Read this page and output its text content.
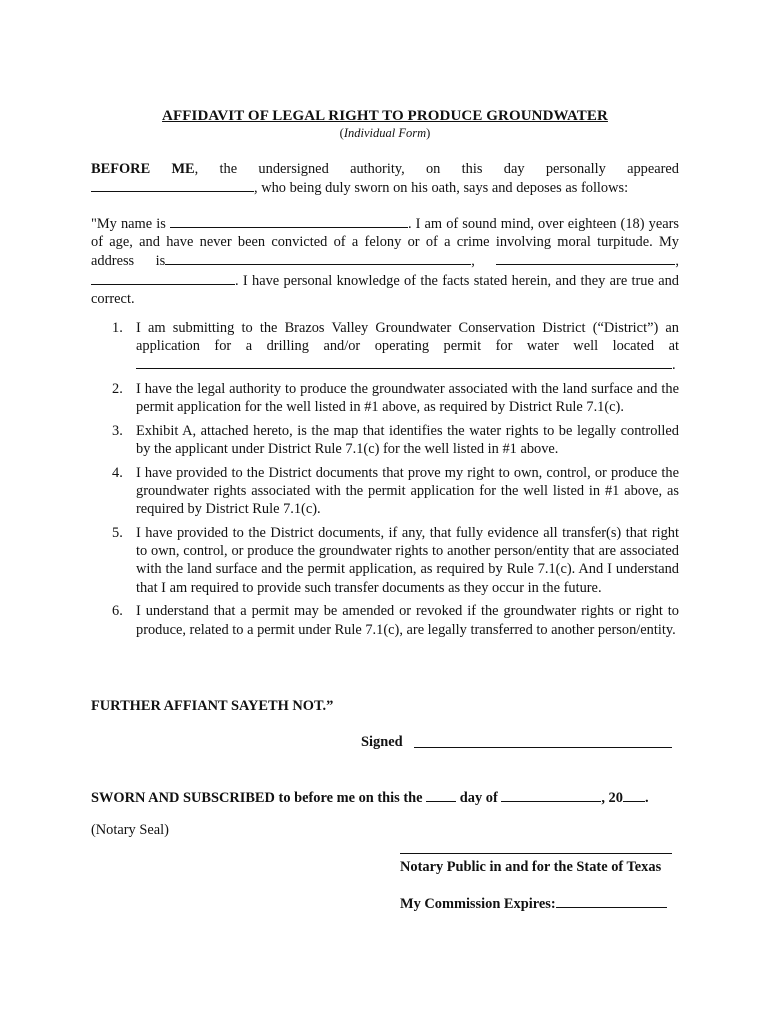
AFFIDAVIT OF LEGAL RIGHT TO PRODUCE GROUNDWATER
(Individual Form)
BEFORE ME, the undersigned authority, on this day personally appeared
, who being duly sworn on his oath, says and deposes as follows:
"My name is	. I am of sound mind, over eighteen (18) years of age, and have never been convicted of a felony or of a crime involving moral turpitude. My address is	,	, . I have personal knowledge of the facts stated herein, and they are true and correct.
1. I am submitting to the Brazos Valley Groundwater Conservation District (“District”) an application for a drilling and/or operating permit for water well located at .
2. I have the legal authority to produce the groundwater associated with the land surface and the permit application for the well listed in #1 above, as required by District Rule 7.1(c).
3. Exhibit A, attached hereto, is the map that identifies the water rights to be legally controlled by the applicant under District Rule 7.1(c) for the well listed in #1 above.
4. I have provided to the District documents that prove my right to own, control, or produce the groundwater rights associated with the permit application for the well listed in #1 above, as required by District Rule 7.1(c).
5. I have provided to the District documents, if any, that fully evidence all transfer(s) that right to own, control, or produce the groundwater rights to another person/entity that are associated with the land surface and the permit application, as required by Rule 7.1(c). And I understand that I am required to provide such transfer documents as they occur in the future.
6. I understand that a permit may be amended or revoked if the groundwater rights or right to produce, related to a permit under Rule 7.1(c), are legally transferred to another person/entity.
FURTHER AFFIANT SAYETH NOT.”
Signed
SWORN AND SUBSCRIBED to before me on this the	day of	, 20 .
(Notary Seal)
Notary Public in and for the State of Texas
My Commission Expires:
